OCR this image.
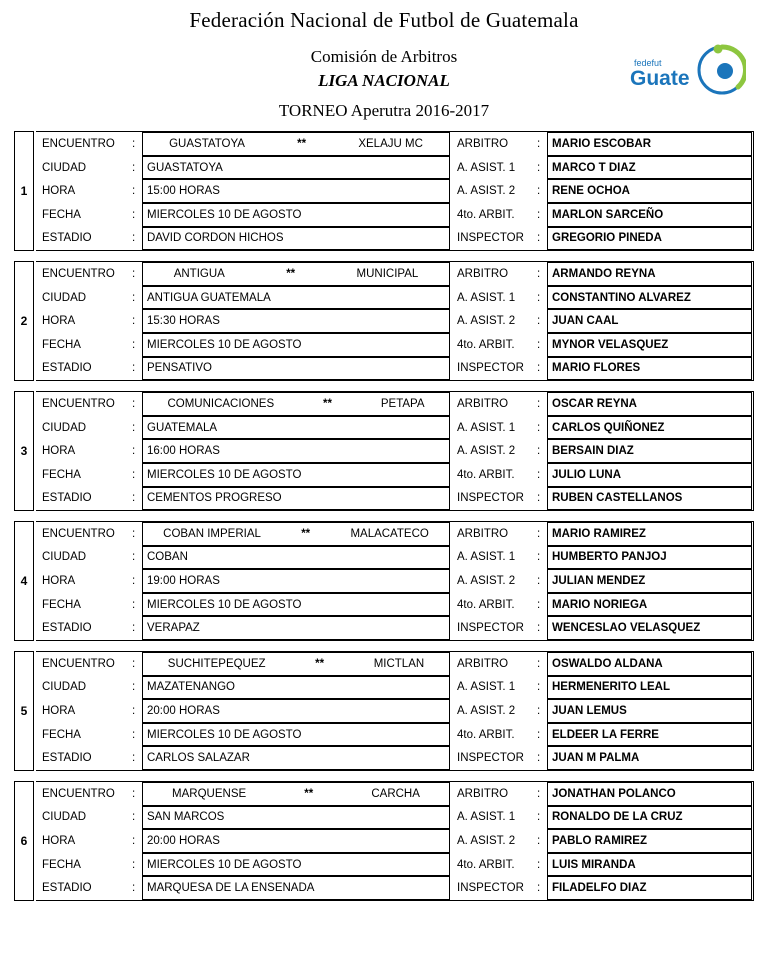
Federación Nacional de Futbol de Guatemala
fedefut
Guate
Comisión de Arbitros
LIGA NACIONAL
TORNEO Aperutra 2016-2017
1
ENCUENTRO	:	GUASTATOYA	**	XELAJU MC	ARBITRO	:	MARIO ESCOBAR
CIUDAD	:	GUASTATOYA	A. ASIST. 1	:	MARCO T DIAZ
HORA	:	15:00 HORAS	A. ASIST. 2	:	RENE OCHOA
FECHA	:	MIERCOLES 10 DE AGOSTO	4to. ARBIT.	:	MARLON SARCEÑO
ESTADIO	:	DAVID CORDON HICHOS	INSPECTOR	:	GREGORIO PINEDA
2
ENCUENTRO	:	ANTIGUA	**	MUNICIPAL	ARBITRO	:	ARMANDO REYNA
CIUDAD	:	ANTIGUA GUATEMALA	A. ASIST. 1	:	CONSTANTINO ALVAREZ
HORA	:	15:30 HORAS	A. ASIST. 2	:	JUAN CAAL
FECHA	:	MIERCOLES 10 DE AGOSTO	4to. ARBIT.	:	MYNOR VELASQUEZ
ESTADIO	:	PENSATIVO	INSPECTOR	:	MARIO FLORES
3
ENCUENTRO	:	COMUNICACIONES	**	PETAPA	ARBITRO	:	OSCAR REYNA
CIUDAD	:	GUATEMALA	A. ASIST. 1	:	CARLOS QUIÑONEZ
HORA	:	16:00 HORAS	A. ASIST. 2	:	BERSAIN DIAZ
FECHA	:	MIERCOLES 10 DE AGOSTO	4to. ARBIT.	:	JULIO LUNA
ESTADIO	:	CEMENTOS PROGRESO	INSPECTOR	:	RUBEN CASTELLANOS
4
ENCUENTRO	:	COBAN IMPERIAL	**	MALACATECO	ARBITRO	:	MARIO RAMIREZ
CIUDAD	:	COBAN	A. ASIST. 1	:	HUMBERTO PANJOJ
HORA	:	19:00 HORAS	A. ASIST. 2	:	JULIAN MENDEZ
FECHA	:	MIERCOLES 10 DE AGOSTO	4to. ARBIT.	:	MARIO NORIEGA
ESTADIO	:	VERAPAZ	INSPECTOR	:	WENCESLAO VELASQUEZ
5
ENCUENTRO	:	SUCHITEPEQUEZ	**	MICTLAN	ARBITRO	:	OSWALDO ALDANA
CIUDAD	:	MAZATENANGO	A. ASIST. 1	:	HERMENERITO LEAL
HORA	:	20:00 HORAS	A. ASIST. 2	:	JUAN LEMUS
FECHA	:	MIERCOLES 10 DE AGOSTO	4to. ARBIT.	:	ELDEER LA FERRE
ESTADIO	:	CARLOS SALAZAR	INSPECTOR	:	JUAN M PALMA
6
ENCUENTRO	:	MARQUENSE	**	CARCHA	ARBITRO	:	JONATHAN POLANCO
CIUDAD	:	SAN MARCOS	A. ASIST. 1	:	RONALDO DE LA CRUZ
HORA	:	20:00 HORAS	A. ASIST. 2	:	PABLO RAMIREZ
FECHA	:	MIERCOLES 10 DE AGOSTO	4to. ARBIT.	:	LUIS MIRANDA
ESTADIO	:	MARQUESA DE LA ENSENADA	INSPECTOR	:	FILADELFO DIAZ
